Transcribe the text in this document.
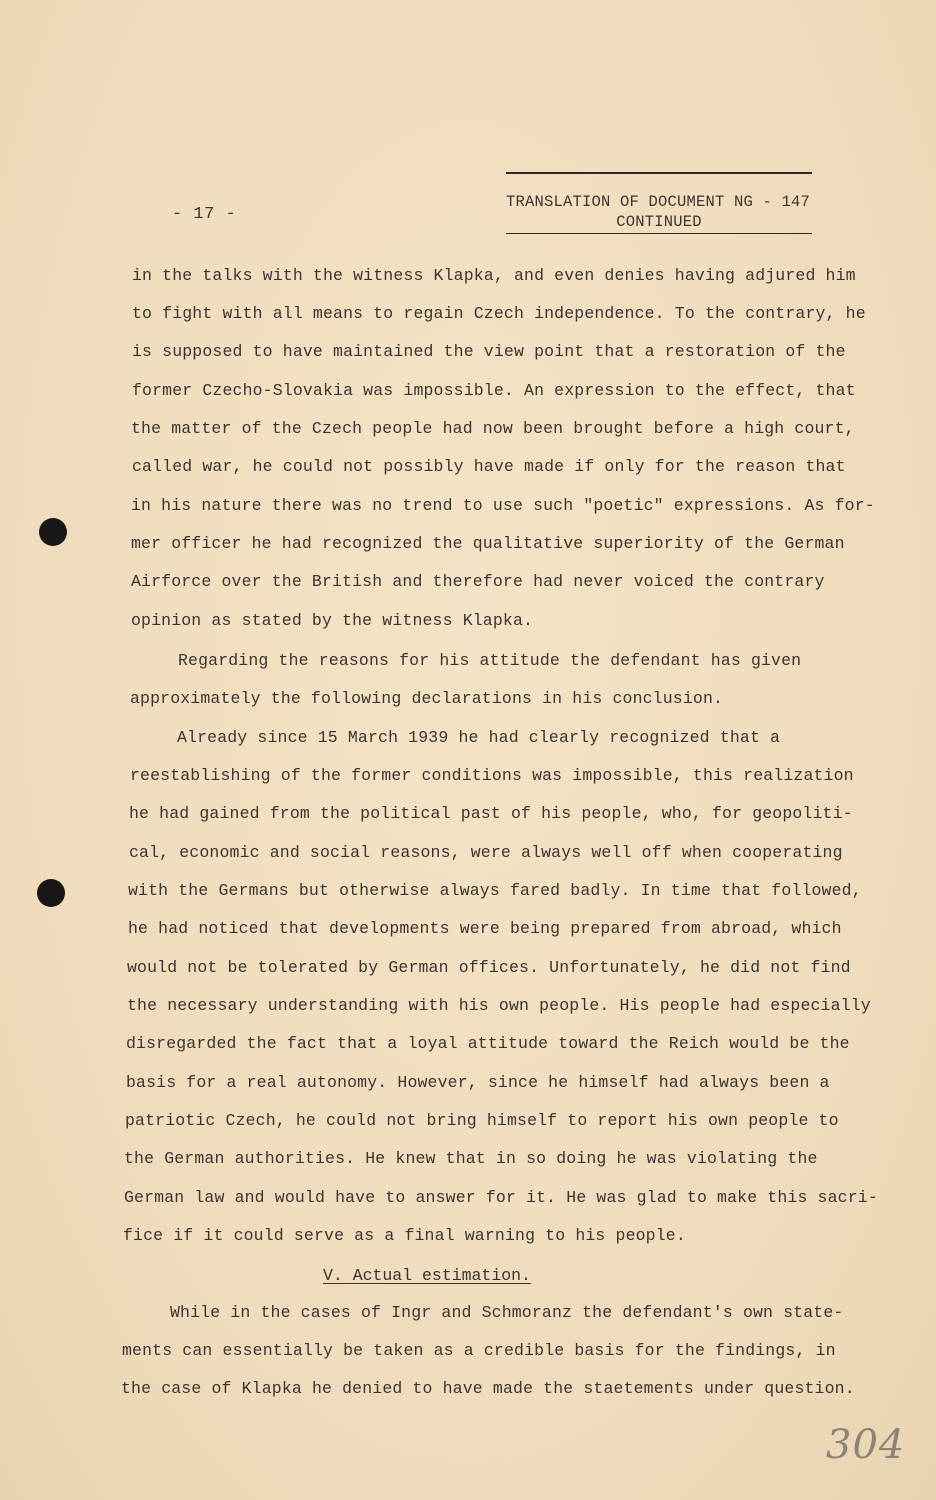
- 17 -
TRANSLATION OF DOCUMENT NG - 147
CONTINUED
in the talks with the witness Klapka, and even denies having adjured him
to fight with all means to regain Czech independence. To the contrary, he
is supposed to have maintained the view point that a restoration of the
former Czecho-Slovakia was impossible. An expression to the effect, that
the matter of the Czech people had now been brought before a high court,
called war, he could not possibly have made if only for the reason that
in his nature there was no trend to use such "poetic" expressions. As for-
mer officer he had recognized the qualitative superiority of the German
Airforce over the British and therefore had never voiced the contrary
opinion as stated by the witness Klapka.
Regarding the reasons for his attitude the defendant has given
approximately the following declarations in his conclusion.
Already since 15 March 1939 he had clearly recognized that a
reestablishing of the former conditions was impossible, this realization
he had gained from the political past of his people, who, for geopoliti-
cal, economic and social reasons, were always well off when cooperating
with the Germans but otherwise always fared badly. In time that followed,
he had noticed that developments were being prepared from abroad, which
would not be tolerated by German offices. Unfortunately, he did not find
the necessary understanding with his own people. His people had especially
disregarded the fact that a loyal attitude toward the Reich would be the
basis for a real autonomy. However, since he himself had always been a
patriotic Czech, he could not bring himself to report his own people to
the German authorities. He knew that in so doing he was violating the
German law and would have to answer for it. He was glad to make this sacri-
fice if it could serve as a final warning to his people.
V. Actual estimation.
While in the cases of Ingr and Schmoranz the defendant's own state-
ments can essentially be taken as a credible basis for the findings, in
the case of Klapka he denied to have made the staetements under question.
304
